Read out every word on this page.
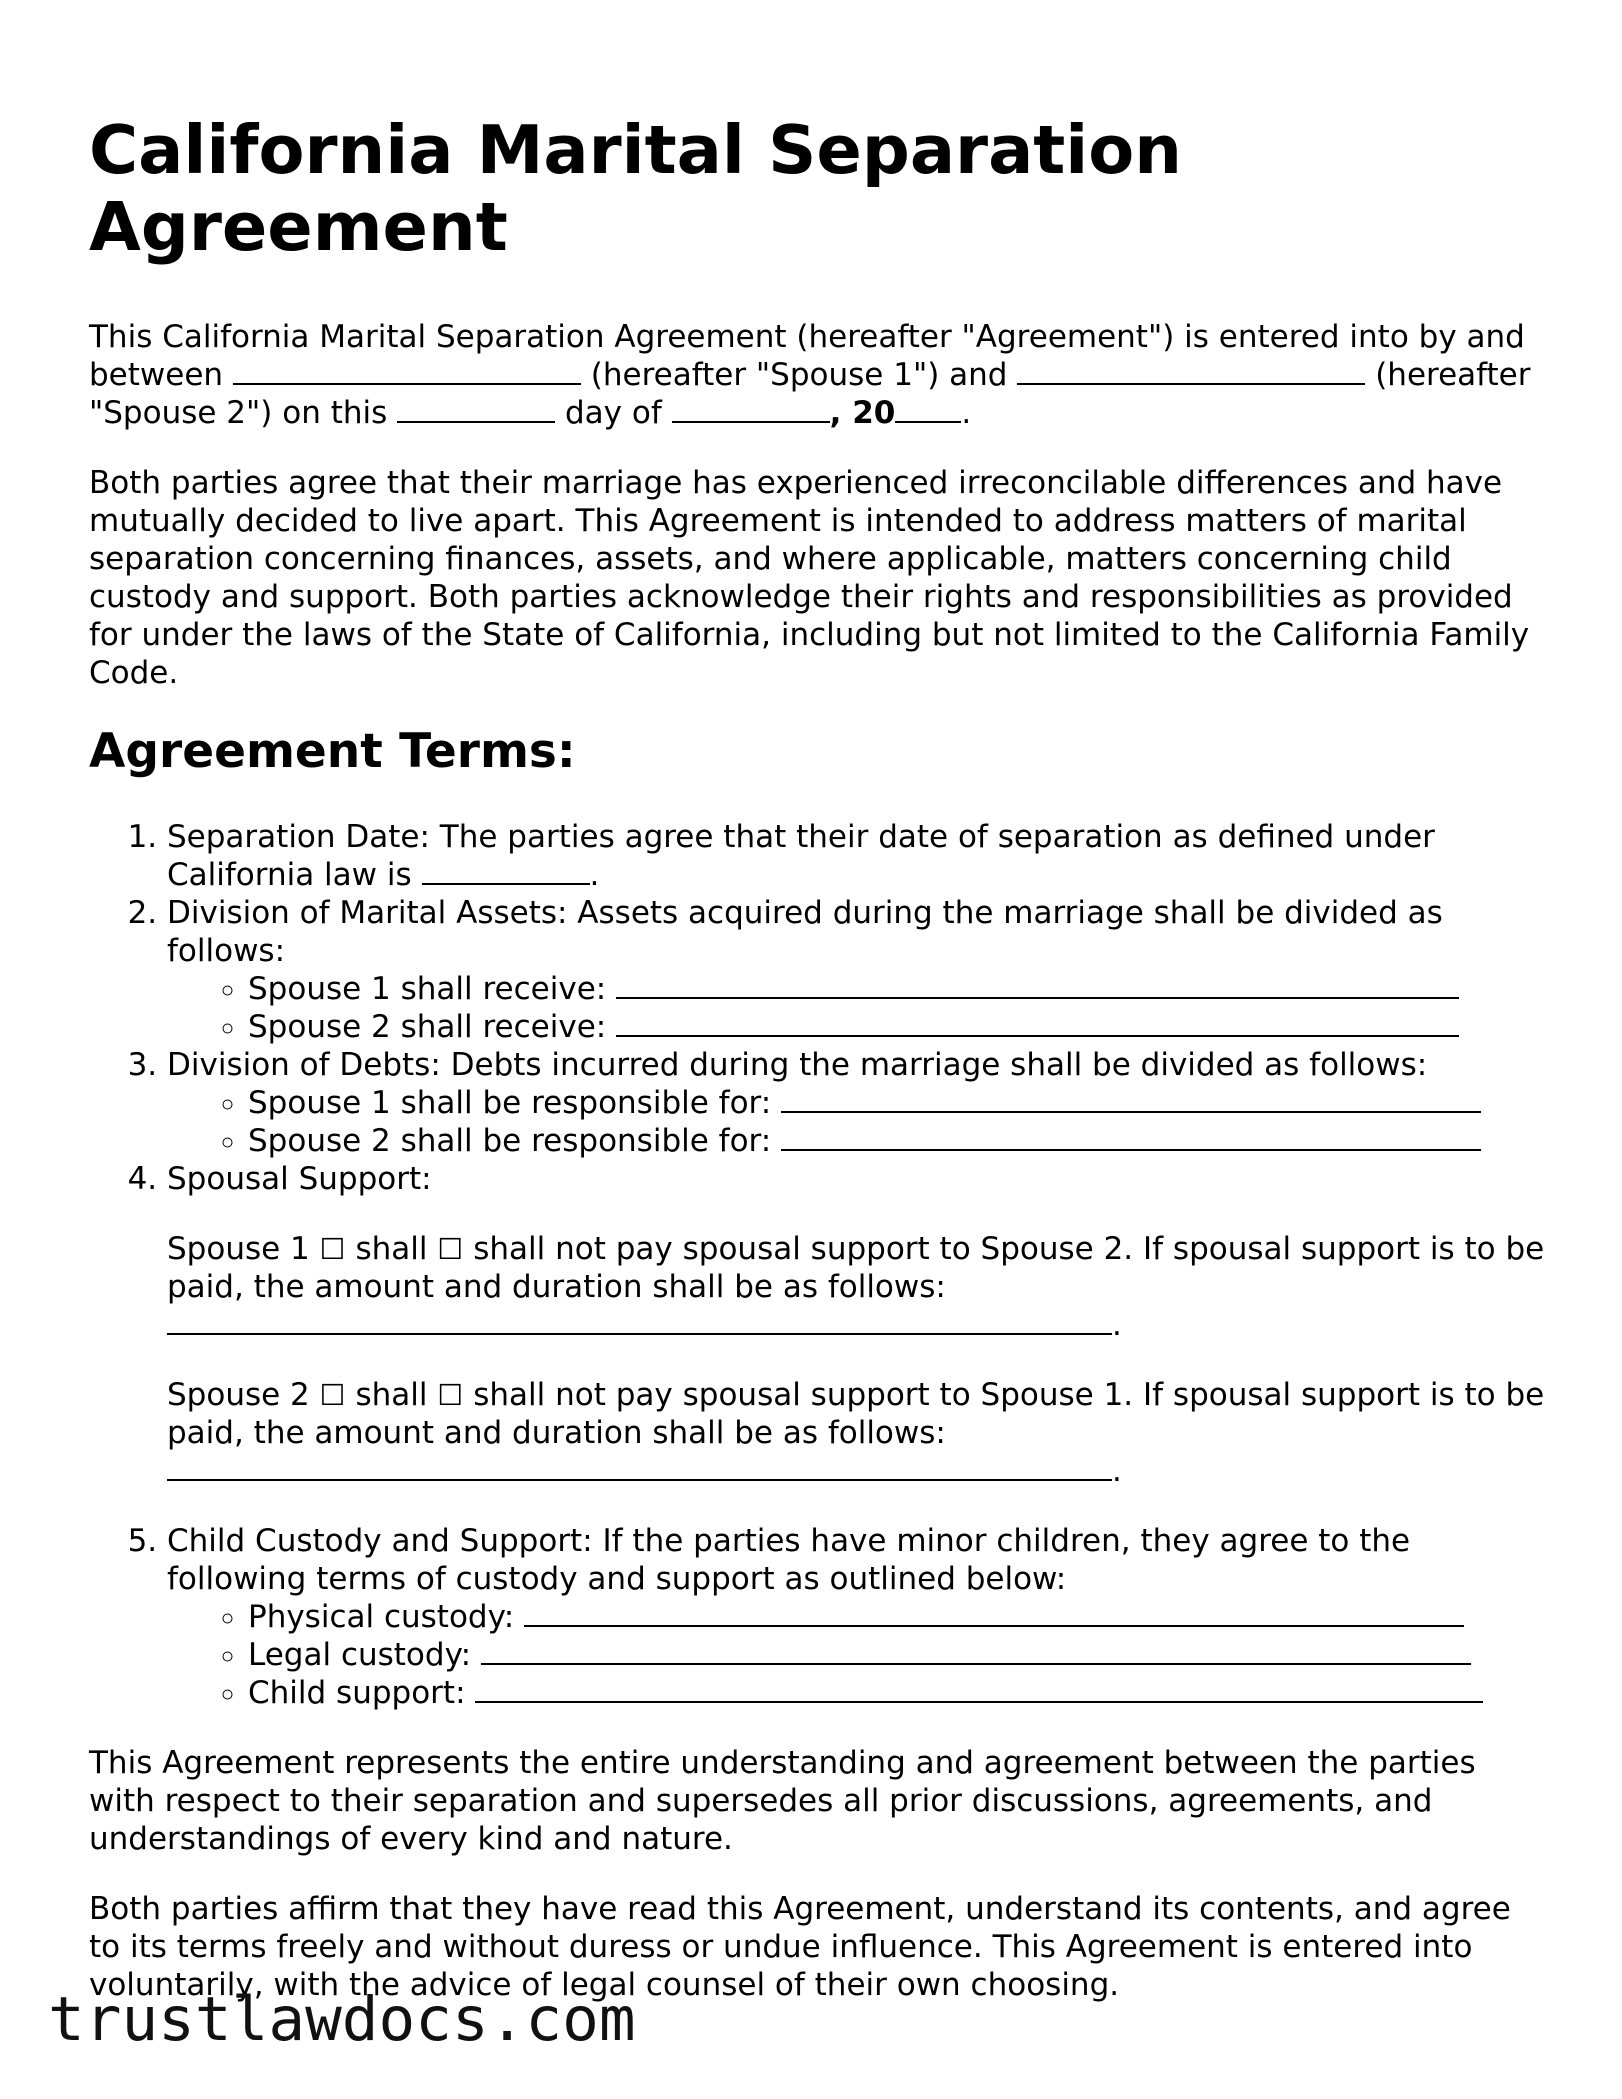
California Marital Separation Agreement

This California Marital Separation Agreement (hereafter "Agreement") is entered into by and between	(hereafter "Spouse 1") and	(hereafter "Spouse 2") on this	day of	, 20 .

Both parties agree that their marriage has experienced irreconcilable differences and have mutually decided to live apart. This Agreement is intended to address matters of marital separation concerning finances, assets, and where applicable, matters concerning child custody and support. Both parties acknowledge their rights and responsibilities as provided for under the laws of the State of California, including but not limited to the California Family Code.

Agreement Terms:
1. Separation Date: The parties agree that their date of separation as defined under California law is	.
2. Division of Marital Assets: Assets acquired during the marriage shall be divided as follows:
◦ Spouse 1 shall receive:
◦ Spouse 2 shall receive:
3. Division of Debts: Debts incurred during the marriage shall be divided as follows:
◦ Spouse 1 shall be responsible for:
◦ Spouse 2 shall be responsible for:
4. Spousal Support:

Spouse 1 ☐ shall ☐ shall not pay spousal support to Spouse 2. If spousal support is to be paid, the amount and duration shall be as follows: .

Spouse 2 ☐ shall ☐ shall not pay spousal support to Spouse 1. If spousal support is to be paid, the amount and duration shall be as follows: .

5. Child Custody and Support: If the parties have minor children, they agree to the following terms of custody and support as outlined below:
◦ Physical custody:
◦ Legal custody:
◦ Child support:

This Agreement represents the entire understanding and agreement between the parties with respect to their separation and supersedes all prior discussions, agreements, and understandings of every kind and nature.

Both parties affirm that they have read this Agreement, understand its contents, and agree to its terms freely and without duress or undue influence. This Agreement is entered into voluntarily, with the advice of legal counsel of their own choosing.

trustlawdocs.com
